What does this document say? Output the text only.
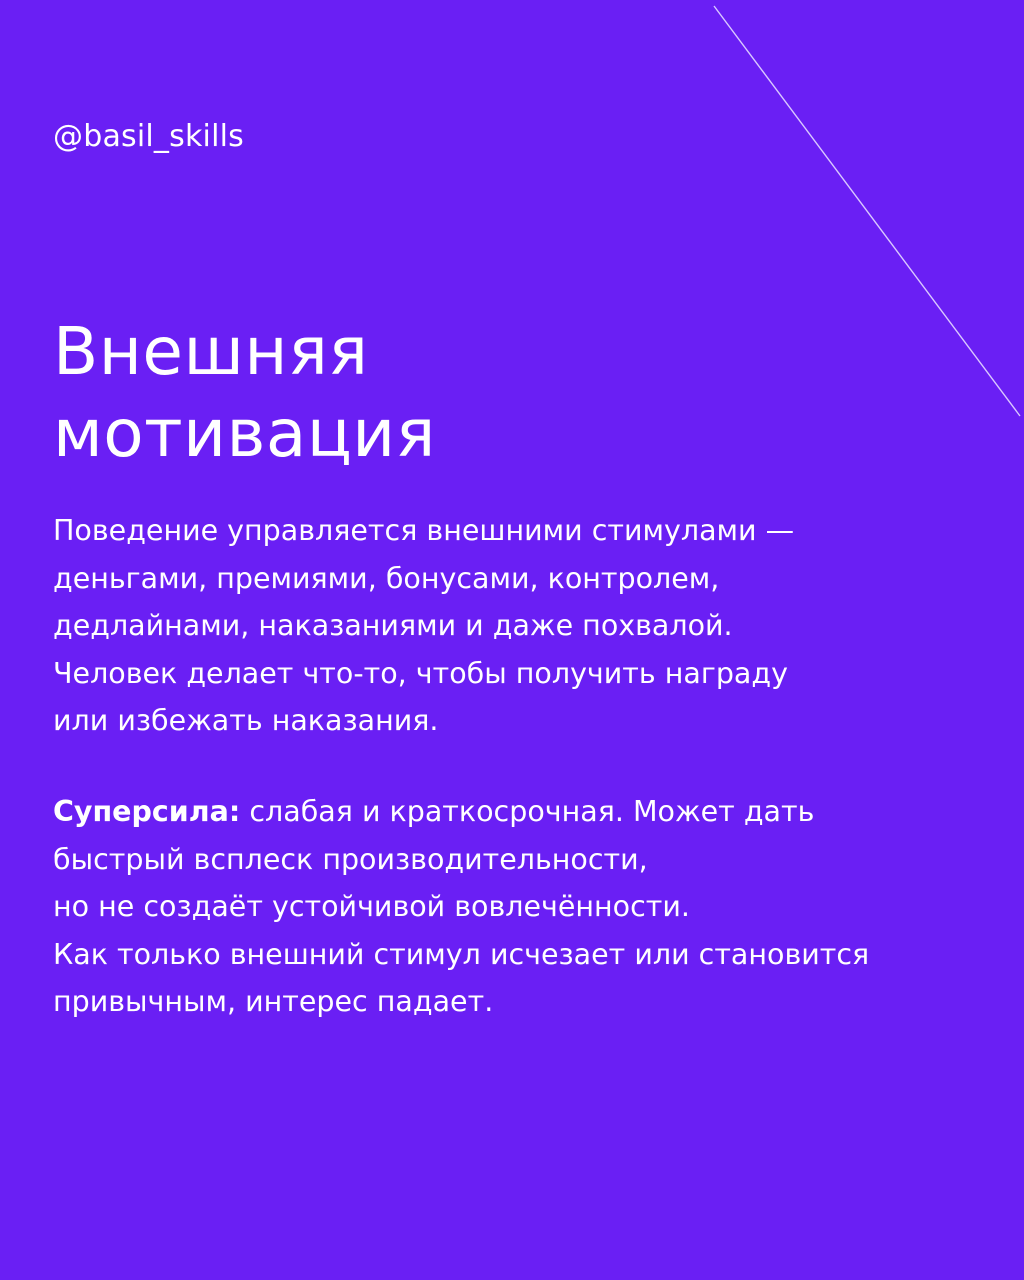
@basil_skills
Внешняя
мотивация

Поведение управляется внешними стимулами —
деньгами, премиями, бонусами, контролем,
дедлайнами, наказаниями и даже похвалой.
Человек делает что-то, чтобы получить награду
или избежать наказания.

Суперсила: слабая и краткосрочная. Может дать
быстрый всплеск производительности,
но не создаёт устойчивой вовлечённости.
Как только внешний стимул исчезает или становится
привычным, интерес падает.
